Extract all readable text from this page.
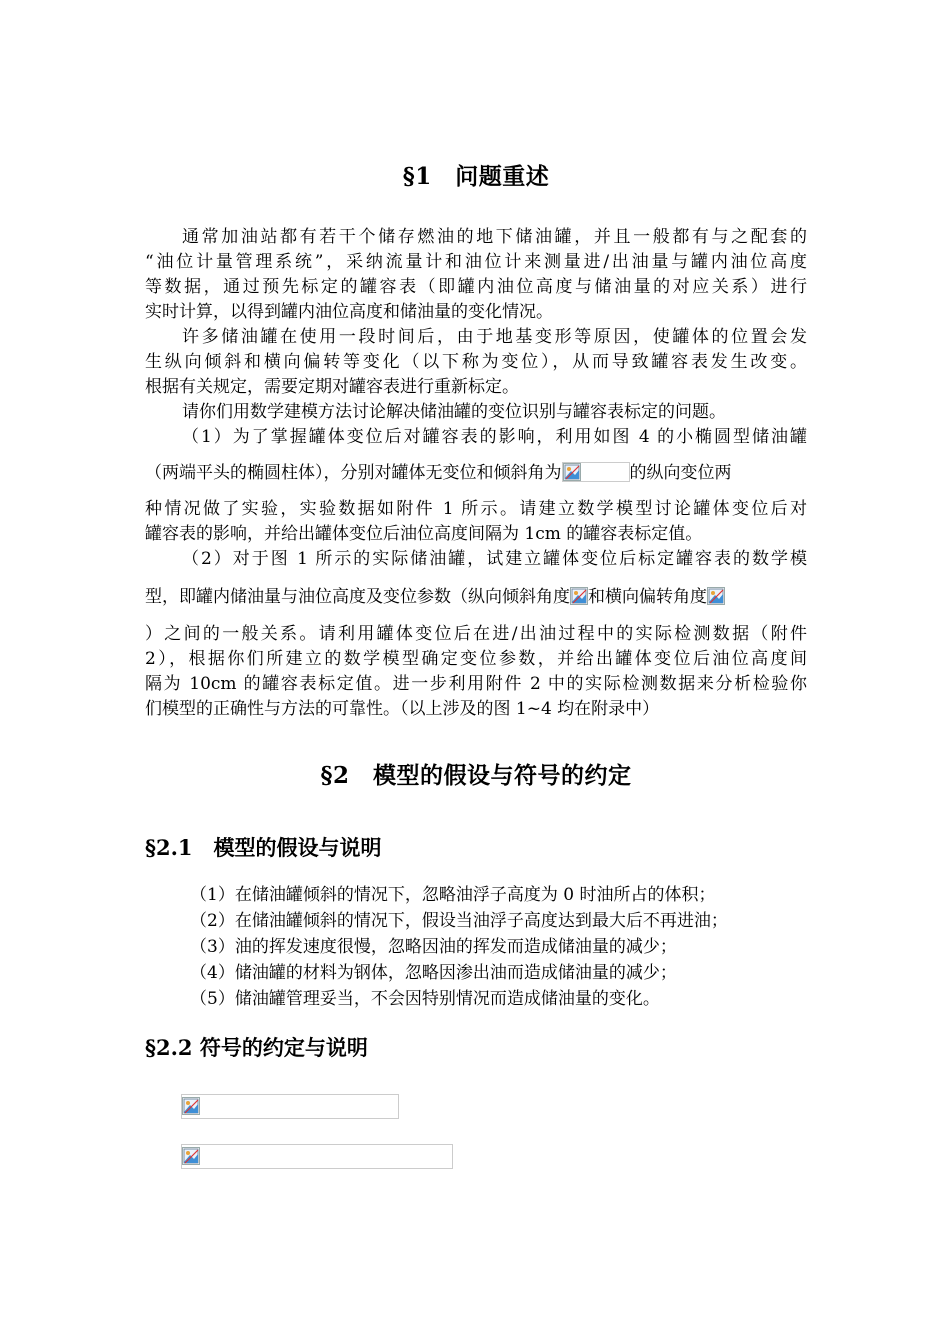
§1　问题重述
通常加油站都有若干个储存燃油的地下储油罐，并且一般都有与之配套的
“油位计量管理系统”，采纳流量计和油位计来测量进/出油量与罐内油位高度
等数据，通过预先标定的罐容表（即罐内油位高度与储油量的对应关系）进行
实时计算，以得到罐内油位高度和储油量的变化情况。
许多储油罐在使用一段时间后，由于地基变形等原因，使罐体的位置会发
生纵向倾斜和横向偏转等变化（以下称为变位），从而导致罐容表发生改变。
根据有关规定，需要定期对罐容表进行重新标定。
请你们用数学建模方法讨论解决储油罐的变位识别与罐容表标定的问题。
（1）为了掌握罐体变位后对罐容表的影响，利用如图 4 的小椭圆型储油罐
（两端平头的椭圆柱体），分别对罐体无变位和倾斜角为	的纵向变位两
种情况做了实验，实验数据如附件 1 所示。请建立数学模型讨论罐体变位后对
罐容表的影响，并给出罐体变位后油位高度间隔为 1cm 的罐容表标定值。
（2）对于图 1 所示的实际储油罐，试建立罐体变位后标定罐容表的数学模
型，即罐内储油量与油位高度及变位参数（纵向倾斜角度 和横向偏转角度
）之间的一般关系。请利用罐体变位后在进/出油过程中的实际检测数据（附件
2），根据你们所建立的数学模型确定变位参数，并给出罐体变位后油位高度间
隔为 10cm 的罐容表标定值。进一步利用附件 2 中的实际检测数据来分析检验你
们模型的正确性与方法的可靠性。（以上涉及的图 1~4 均在附录中）
§2　模型的假设与符号的约定
§2.1　模型的假设与说明
（1）在储油罐倾斜的情况下，忽略油浮子高度为 0 时油所占的体积；
（2）在储油罐倾斜的情况下，假设当油浮子高度达到最大后不再进油；
（3）油的挥发速度很慢，忽略因油的挥发而造成储油量的减少；
（4）储油罐的材料为钢体，忽略因渗出油而造成储油量的减少；
（5）储油罐管理妥当，不会因特别情况而造成储油量的变化。
§2.2 符号的约定与说明
